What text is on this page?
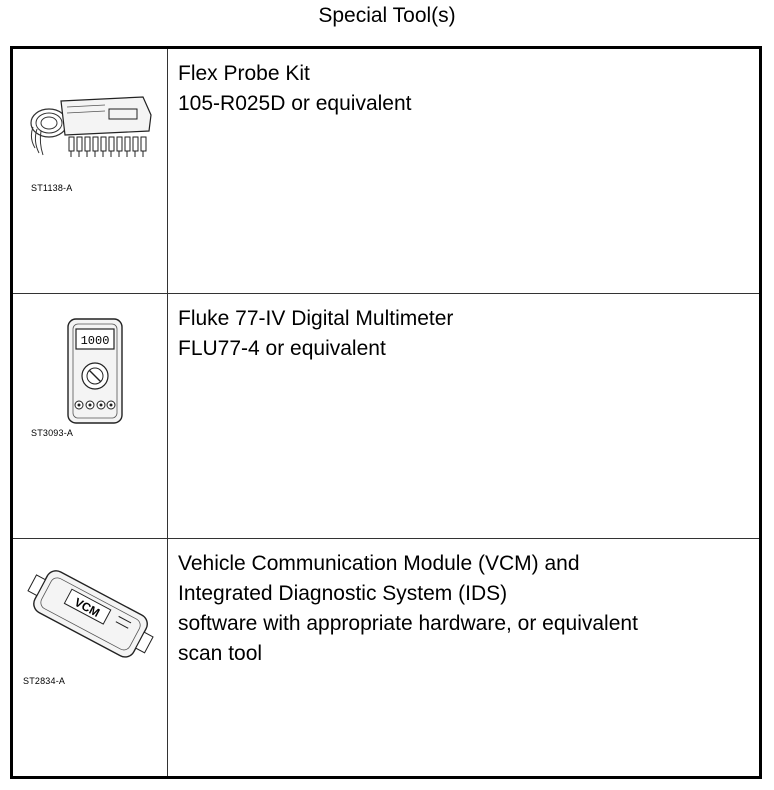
Special Tool(s)
ST1138-A
Flex Probe Kit
105-R025D or equivalent
1000
ST3093-A
Fluke 77-IV Digital Multimeter
FLU77-4 or equivalent
VCM
ST2834-A
Vehicle Communication Module (VCM) and
Integrated Diagnostic System (IDS)
software with appropriate hardware, or equivalent
scan tool
